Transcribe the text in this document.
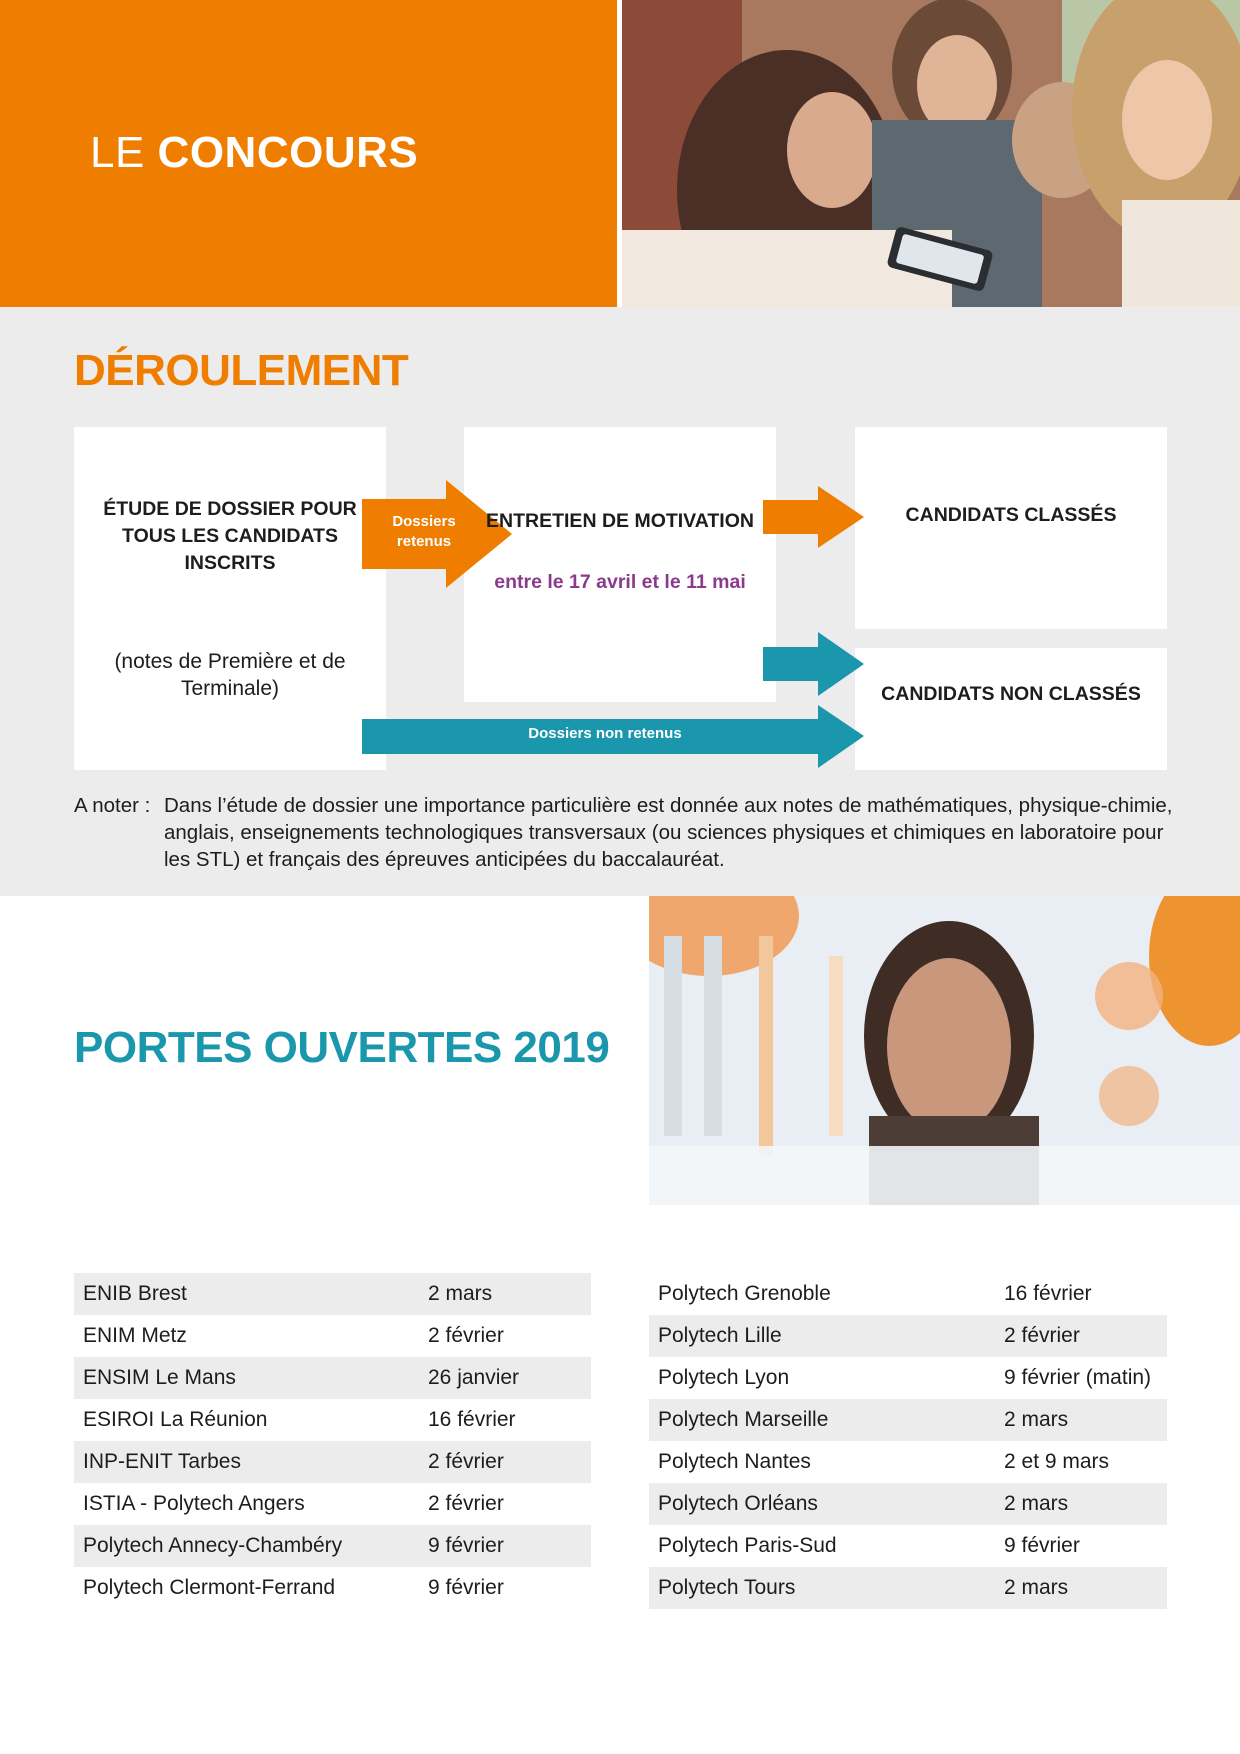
LE CONCOURS
DÉROULEMENT
Dossiers retenus
Dossiers non retenus
ÉTUDE DE DOSSIER POUR TOUS LES CANDIDATS INSCRITS
(notes de Première et de Terminale)
ENTRETIEN DE MOTIVATION
entre le 17 avril et le 11 mai
CANDIDATS CLASSÉS
CANDIDATS NON CLASSÉS
A noter : Dans l’étude de dossier une importance particulière est donnée aux notes de mathématiques, physique-chimie, anglais, enseignements technologiques transversaux (ou sciences physiques et chimiques en laboratoire pour les STL) et français des épreuves anticipées du baccalauréat.
PORTES OUVERTES 2019
ENIB Brest	2 mars
ENIM Metz	2 février
ENSIM Le Mans	26 janvier
ESIROI La Réunion	16 février
INP-ENIT Tarbes	2 février
ISTIA - Polytech Angers	2 février
Polytech Annecy-Chambéry	9 février
Polytech Clermont-Ferrand	9 février
Polytech Grenoble	16 février
Polytech Lille	2 février
Polytech Lyon	9 février (matin)
Polytech Marseille	2 mars
Polytech Nantes	2 et 9 mars
Polytech Orléans	2 mars
Polytech Paris-Sud	9 février
Polytech Tours	2 mars
